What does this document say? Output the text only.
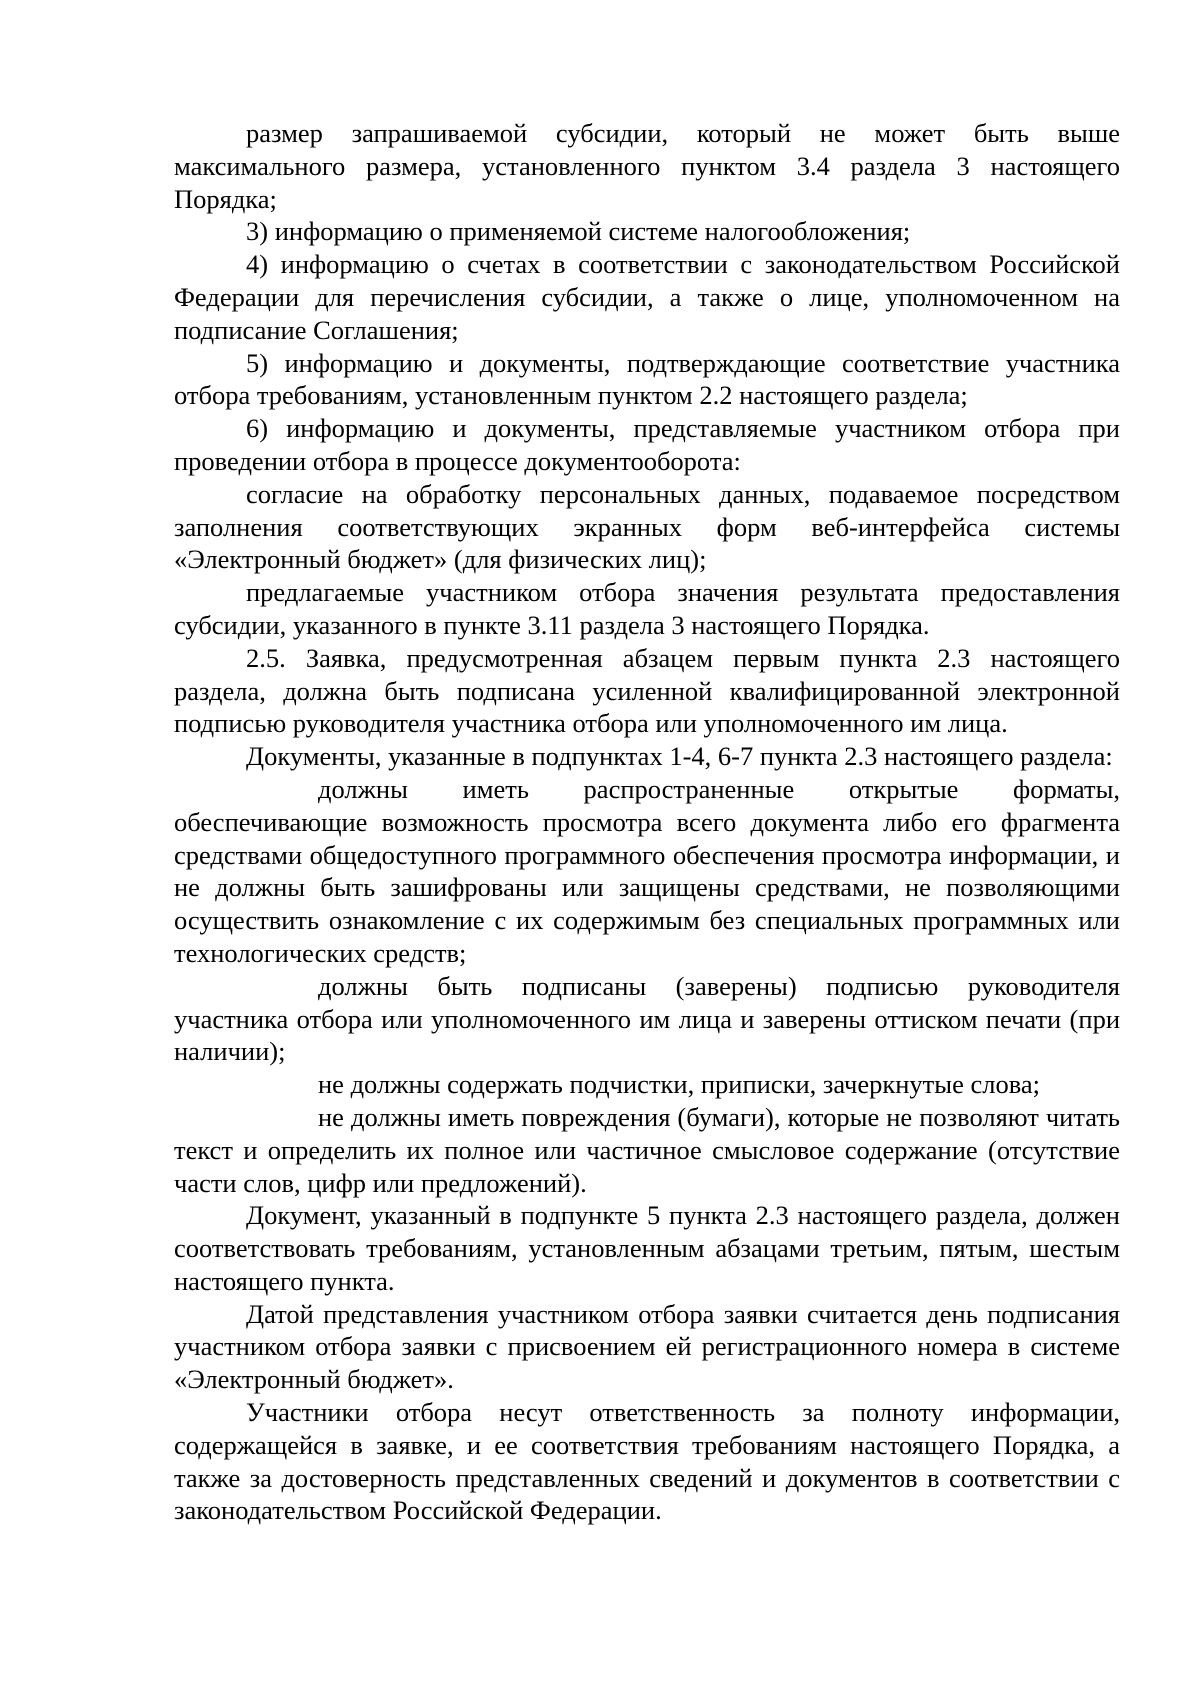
размер запрашиваемой субсидии, который не может быть выше максимального размера, установленного пунктом 3.4 раздела 3 настоящего Порядка;

3) информацию о применяемой системе налогообложения;

4) информацию о счетах в соответствии с законодательством Российской Федерации для перечисления субсидии, а также о лице, уполномоченном на подписание Соглашения;

5) информацию и документы, подтверждающие соответствие участника отбора требованиям, установленным пунктом 2.2 настоящего раздела;

6) информацию и документы, представляемые участником отбора при проведении отбора в процессе документооборота:

согласие на обработку персональных данных, подаваемое посредством заполнения соответствующих экранных форм веб-интерфейса системы «Электронный бюджет» (для физических лиц);

предлагаемые участником отбора значения результата предоставления субсидии, указанного в пункте 3.11 раздела 3 настоящего Порядка.

2.5. Заявка, предусмотренная абзацем первым пункта 2.3 настоящего раздела, должна быть подписана усиленной квалифицированной электронной подписью руководителя участника отбора или уполномоченного им лица.

Документы, указанные в подпунктах 1-4, 6-7 пункта 2.3 настоящего раздела:

должны иметь распространенные открытые форматы, обеспечивающие возможность просмотра всего документа либо его фрагмента средствами общедоступного программного обеспечения просмотра информации, и не должны быть зашифрованы или защищены средствами, не позволяющими осуществить ознакомление с их содержимым без специальных программных или технологических средств;

должны быть подписаны (заверены) подписью руководителя участника отбора или уполномоченного им лица и заверены оттиском печати (при наличии);

не должны содержать подчистки, приписки, зачеркнутые слова;

не должны иметь повреждения (бумаги), которые не позволяют читать текст и определить их полное или частичное смысловое содержание (отсутствие части слов, цифр или предложений).

Документ, указанный в подпункте 5 пункта 2.3 настоящего раздела, должен соответствовать требованиям, установленным абзацами третьим, пятым, шестым настоящего пункта.

Датой представления участником отбора заявки считается день подписания участником отбора заявки с присвоением ей регистрационного номера в системе «Электронный бюджет».

Участники отбора несут ответственность за полноту информации, содержащейся в заявке, и ее соответствия требованиям настоящего Порядка, а также за достоверность представленных сведений и документов в соответствии с законодательством Российской Федерации.
